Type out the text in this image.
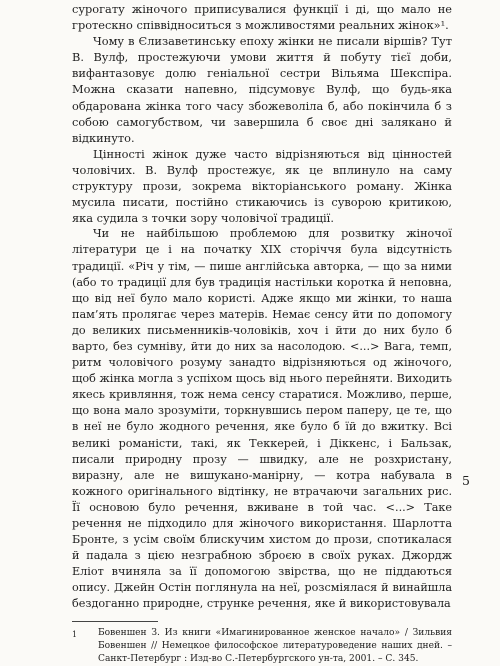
сурогату жіночого приписувалися функції і ді, що мало не гротескно співвідноситься з можливостями реальних жінок»¹.

Чому в Єлизаветинську епоху жінки не писали віршів? Тут В. Вулф, простежуючи умови життя й побуту тієї доби, вифантазовує долю геніальної сестри Вільяма Шекспіра. Можна сказати напевно, підсумовує Вулф, що будь-яка обдарована жінка того часу збожеволіла б, або покінчила б з собою самогубством, чи завершила б своє дні залякано й відкинуто.

Цінності жінок дуже часто відрізняються від цінностей чоловічих. В. Вулф простежує, як це вплинуло на саму структуру прози, зокрема вікторіанського роману. Жінка мусила писати, постійно стикаючись із суворою критикою, яка судила з точки зору чоловічої традиції.

Чи не найбільшою проблемою для розвитку жіночої літератури це і на початку XIX сторіччя була відсутність традиції. «Річ у тім, — пише англійська авторка, — що за ними (або то традиції для був традиція настільки коротка й неповна, що від неї було мало користі. Адже якщо ми жінки, то наша пам’ять пролягає через матерів. Немає сенсу йти по допомогу до великих письменників-чоловіків, хоч і йти до них було б варто, без сумніву, йти до них за насолодою. <...> Вага, темп, ритм чоловічого розуму занадто відрізняються од жіночого, щоб жінка могла з успіхом щось від нього перейняти. Виходить якесь кривляння, тож нема сенсу старатися. Можливо, перше, що вона мало зрозуміти, торкнувшись пером паперу, це те, що в неї не було жодного речення, яке було б їй до вжитку. Всі великі романісти, такі, як Теккерей, і Діккенс, і Бальзак, писали природну прозу — швидку, але не розхристану, виразну, але не вишукано-манірну, — котра набувала в кожного оригінального відтінку, не втрачаючи загальних рис. Її основою було речення, вживане в той час. <...> Таке речення не підходило для жіночого використання. Шарлотта Бронте, з усім своїм блискучим хистом до прози, спотикалася й падала з цією незграбною зброєю в своїх руках. Джордж Еліот вчиняла за її допомогою звірства, що не піддаються опису. Джейн Остін поглянула на неї, розсміялася й винайшла бездоганно природне, струнке речення, яке й використовувала

1	Бовеншен З. Из книги «Имагинированное женское начало» / Зильвия Бовеншен // Немецкое философское литературоведение наших дней. – Санкт-Петербург : Изд-во С.-Петербургского ун-та, 2001. – С. 345.
5
